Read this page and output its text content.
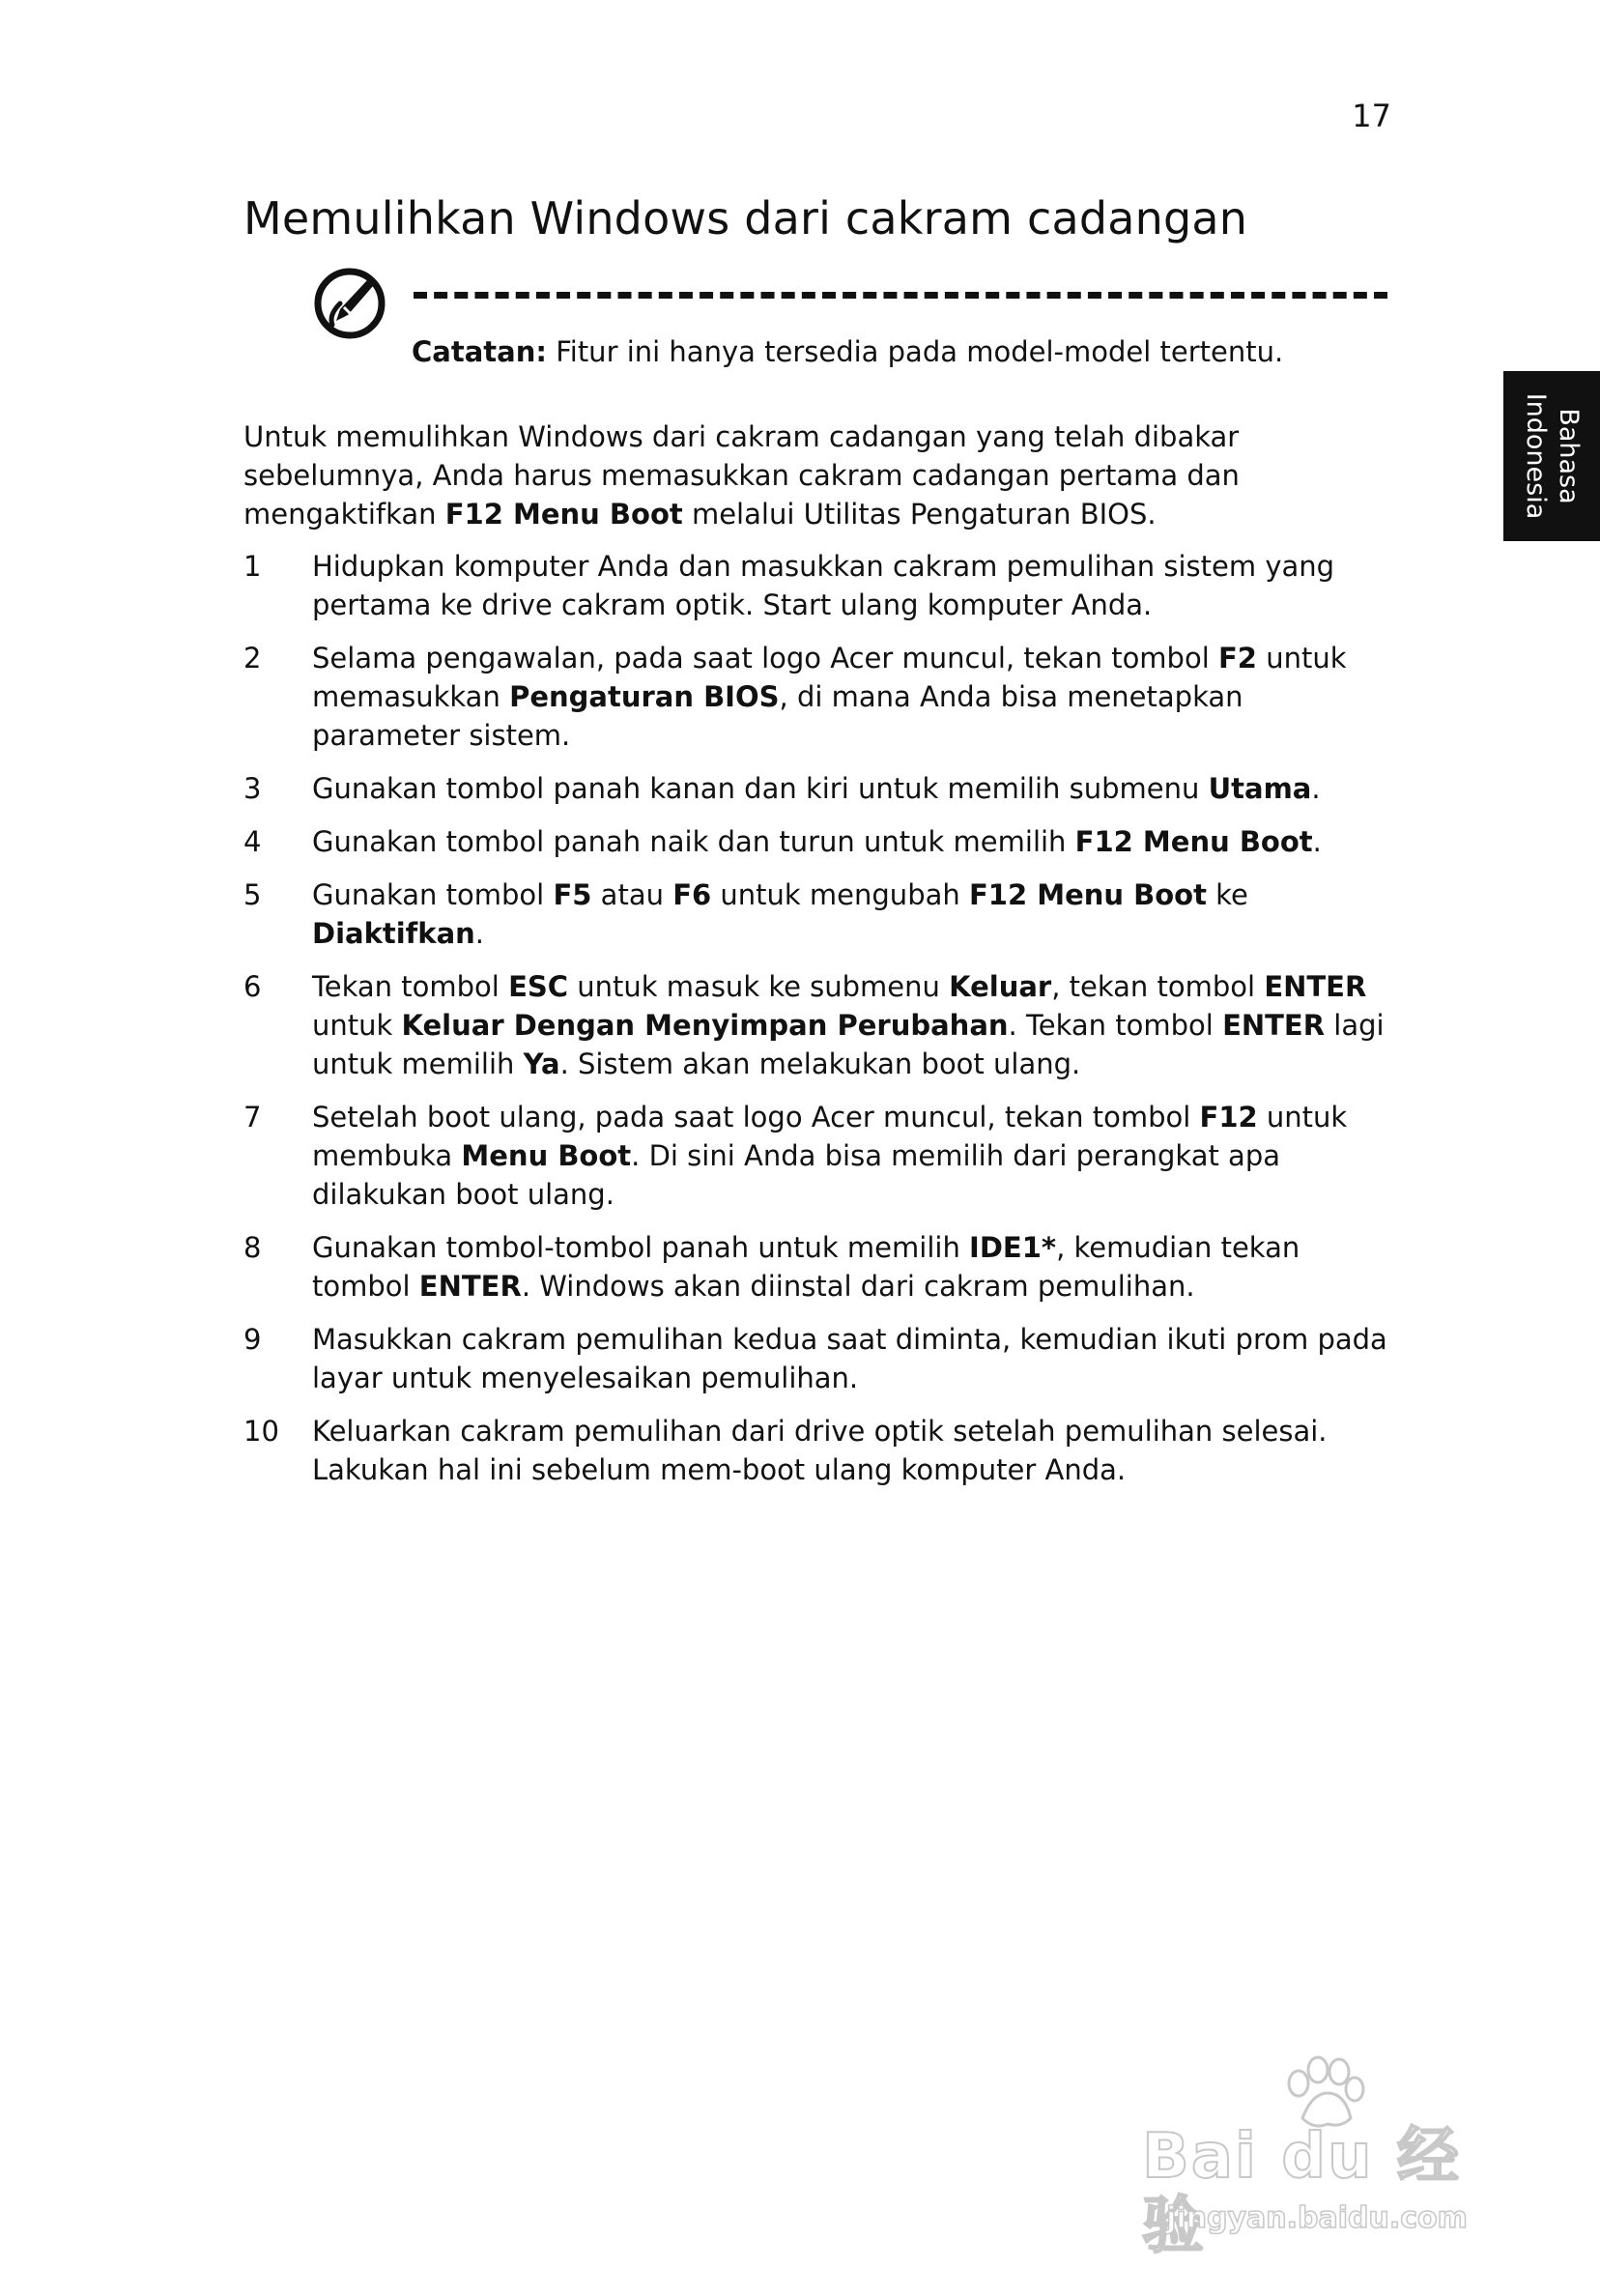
17
Bahasa
Indonesia
Memulihkan Windows dari cakram cadangan

Catatan: Fitur ini hanya tersedia pada model-model tertentu.

Untuk memulihkan Windows dari cakram cadangan yang telah dibakar sebelumnya, Anda harus memasukkan cakram cadangan pertama dan mengaktifkan F12 Menu Boot melalui Utilitas Pengaturan BIOS.

1 Hidupkan komputer Anda dan masukkan cakram pemulihan sistem yang pertama ke drive cakram optik. Start ulang komputer Anda.
2 Selama pengawalan, pada saat logo Acer muncul, tekan tombol F2 untuk memasukkan Pengaturan BIOS, di mana Anda bisa menetapkan parameter sistem.
3 Gunakan tombol panah kanan dan kiri untuk memilih submenu Utama.
4 Gunakan tombol panah naik dan turun untuk memilih F12 Menu Boot.
5 Gunakan tombol F5 atau F6 untuk mengubah F12 Menu Boot ke Diaktifkan.
6 Tekan tombol ESC untuk masuk ke submenu Keluar, tekan tombol ENTER untuk Keluar Dengan Menyimpan Perubahan. Tekan tombol ENTER lagi untuk memilih Ya. Sistem akan melakukan boot ulang.
7 Setelah boot ulang, pada saat logo Acer muncul, tekan tombol F12 untuk membuka Menu Boot. Di sini Anda bisa memilih dari perangkat apa dilakukan boot ulang.
8 Gunakan tombol-tombol panah untuk memilih IDE1*, kemudian tekan tombol ENTER. Windows akan diinstal dari cakram pemulihan.
9 Masukkan cakram pemulihan kedua saat diminta, kemudian ikuti prom pada layar untuk menyelesaikan pemulihan.
10 Keluarkan cakram pemulihan dari drive optik setelah pemulihan selesai. Lakukan hal ini sebelum mem-boot ulang komputer Anda.
Bai du 经验
jingyan.baidu.com
